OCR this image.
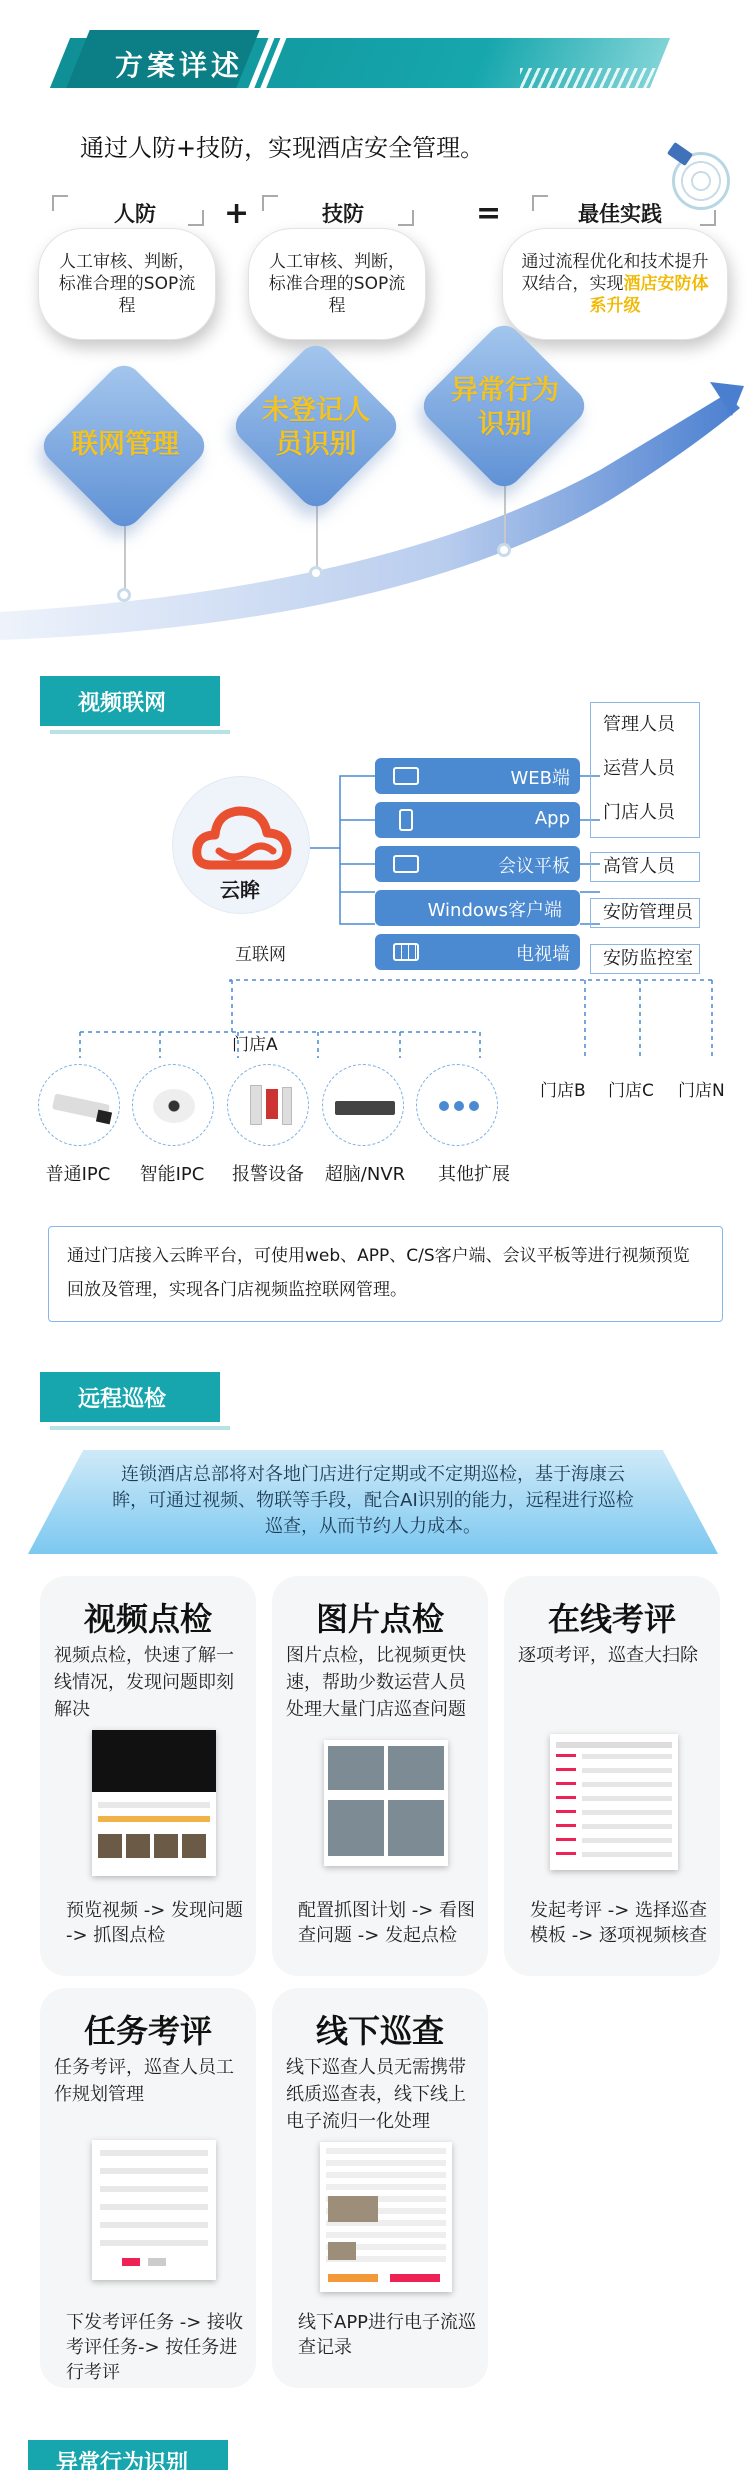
方案详述
通过人防+技防，实现酒店安全管理。
人防	+	技防	=	最佳实践
人工审核、判断，标准合理的SOP流程
人工审核、判断，标准合理的SOP流程
通过流程优化和技术提升双结合，实现酒店安防体系升级
联网管理
未登记人员识别
异常行为识别
视频联网
云眸
互联网
WEB端
App
会议平板
Windows客户端
电视墙
管理人员
运营人员
门店人员
高管人员
安防管理员
安防监控室
门店A
门店B 门店C 门店N
普通IPC	智能IPC	报警设备	超脑/NVR	其他扩展
通过门店接入云眸平台，可使用web、APP、C/S客户端、会议平板等进行视频预览回放及管理，实现各门店视频监控联网管理。
远程巡检
连锁酒店总部将对各地门店进行定期或不定期巡检，基于海康云眸，可通过视频、物联等手段，配合AI识别的能力，远程进行巡检巡查，从而节约人力成本。
视频点检
视频点检，快速了解一线情况，发现问题即刻解决
预览视频 -> 发现问题 -> 抓图点检
图片点检
图片点检，比视频更快速，帮助少数运营人员处理大量门店巡查问题
配置抓图计划 -> 看图查问题 -> 发起点检
在线考评
逐项考评，巡查大扫除
发起考评 -> 选择巡查模板 -> 逐项视频核查
任务考评
任务考评，巡查人员工作规划管理
下发考评任务 -> 接收考评任务-> 按任务进行考评
线下巡查
线下巡查人员无需携带纸质巡查表，线下线上电子流归一化处理
线下APP进行电子流巡查记录
异常行为识别
